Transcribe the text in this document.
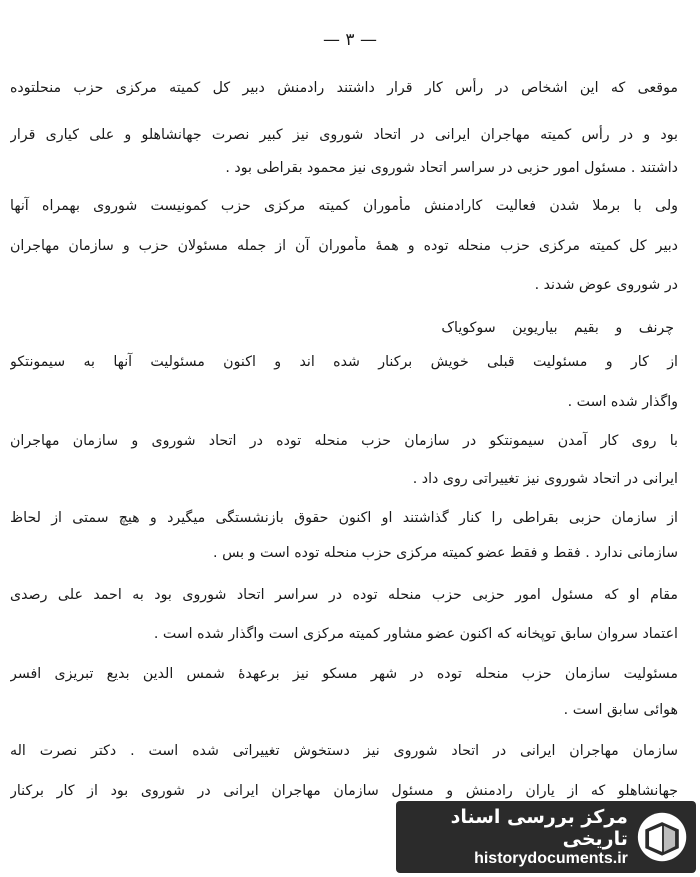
— ۳ —
موقعی که این اشخاص در رأس کار قرار داشتند رادمنش دبیر کل کمیته مرکزی حزب منحلتوده
بود و در رأس کمیته مهاجران ایرانی در اتحاد شوروی نیز کبیر نصرت جهانشاهلو و علی کیاری قرار
داشتند . مسئول امور حزبی در سراسر اتحاد شوروی نیز محمود بقراطی بود .
ولی با برملا شدن فعالیت کارادمنش مأموران کمیته مرکزی حزب کمونیست شوروی بهمراه آنها
دبیر کل کمیته مرکزی حزب منحله توده و همهٔ مأموران آن از جمله مسئولان حزب و سازمان مهاجران
در شوروی عوض شدند .
چرنف و بقیم بیاریوین سوکویاک
از کار و مسئولیت قبلی خویش برکنار شده اند و اکنون مسئولیت آنها به سیمونتکو
واگذار شده است .
با روی کار آمدن سیمونتکو در سازمان حزب منحله توده در اتحاد شوروی و سازمان مهاجران
ایرانی در اتحاد شوروی نیز تغییراتی روی داد .
از سازمان حزبی بقراطی را کنار گذاشتند او اکنون حقوق بازنشستگی میگیرد و هیچ سمتی از لحاظ
سازمانی ندارد . فقط و فقط عضو کمیته مرکزی حزب منحله توده است و بس .
مقام او که مسئول امور حزبی حزب منحله توده در سراسر اتحاد شوروی بود به احمد علی رصدی
اعتماد سروان سابق توپخانه که اکنون عضو مشاور کمیته مرکزی است واگذار شده است .
مسئولیت سازمان حزب منحله توده در شهر مسکو نیز برعهدهٔ شمس الدین بدیع تبریزی افسر
هوائی سابق است .
سازمان مهاجران ایرانی در اتحاد شوروی نیز دستخوش تغییراتی شده است . دکتر نصرت اله
جهانشاهلو که از یاران رادمنش و مسئول سازمان مهاجران ایرانی در شوروی بود از کار برکنار
مرکز بررسی اسناد تاریخی
historydocuments.ir
